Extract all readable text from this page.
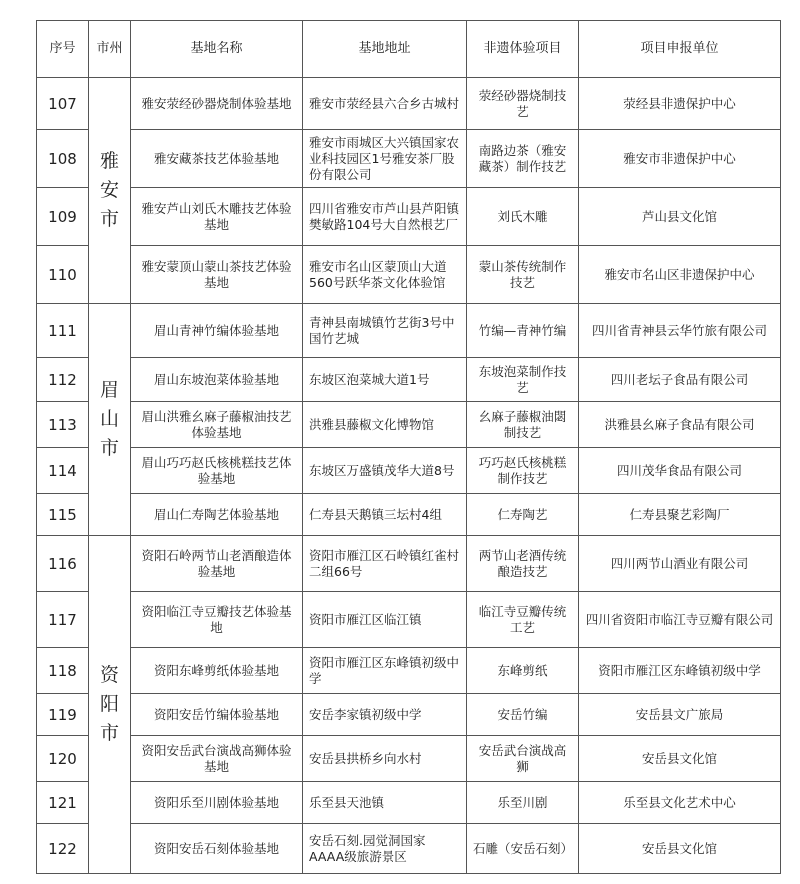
序号	市州	基地名称	基地地址	非遗体验项目	项目申报单位
107	雅安市	雅安荥经砂器烧制体验基地	雅安市荥经县六合乡古城村	荥经砂器烧制技艺	荥经县非遗保护中心
108		雅安藏茶技艺体验基地	雅安市雨城区大兴镇国家农业科技园区1号雅安茶厂股份有限公司	南路边茶（雅安藏茶）制作技艺	雅安市非遗保护中心
109		雅安芦山刘氏木雕技艺体验基地	四川省雅安市芦山县芦阳镇樊敏路104号大自然根艺厂	刘氏木雕	芦山县文化馆
110		雅安蒙顶山蒙山茶技艺体验基地	雅安市名山区蒙顶山大道560号跃华茶文化体验馆	蒙山茶传统制作技艺	雅安市名山区非遗保护中心
111	眉山市	眉山青神竹编体验基地	青神县南城镇竹艺街3号中国竹艺城	竹编—青神竹编	四川省青神县云华竹旅有限公司
112		眉山东坡泡菜体验基地	东坡区泡菜城大道1号	东坡泡菜制作技艺	四川老坛子食品有限公司
113		眉山洪雅幺麻子藤椒油技艺体验基地	洪雅县藤椒文化博物馆	幺麻子藤椒油閟制技艺	洪雅县幺麻子食品有限公司
114		眉山巧巧赵氏核桃糕技艺体验基地	东坡区万盛镇茂华大道8号	巧巧赵氏核桃糕制作技艺	四川茂华食品有限公司
115		眉山仁寿陶艺体验基地	仁寿县天鹅镇三坛村4组	仁寿陶艺	仁寿县聚艺彩陶厂
116	资阳市	资阳石岭两节山老酒酿造体验基地	资阳市雁江区石岭镇红雀村二组66号	两节山老酒传统酿造技艺	四川两节山酒业有限公司
117		资阳临江寺豆瓣技艺体验基地	资阳市雁江区临江镇	临江寺豆瓣传统工艺	四川省资阳市临江寺豆瓣有限公司
118		资阳东峰剪纸体验基地	资阳市雁江区东峰镇初级中学	东峰剪纸	资阳市雁江区东峰镇初级中学
119		资阳安岳竹编体验基地	安岳李家镇初级中学	安岳竹编	安岳县文广旅局
120		资阳安岳武台演战高狮体验基地	安岳县拱桥乡向水村	安岳武台演战高狮	安岳县文化馆
121		资阳乐至川剧体验基地	乐至县天池镇	乐至川剧	乐至县文化艺术中心
122		资阳安岳石刻体验基地	安岳石刻.园觉洞国家AAAA级旅游景区	石雕（安岳石刻）	安岳县文化馆
